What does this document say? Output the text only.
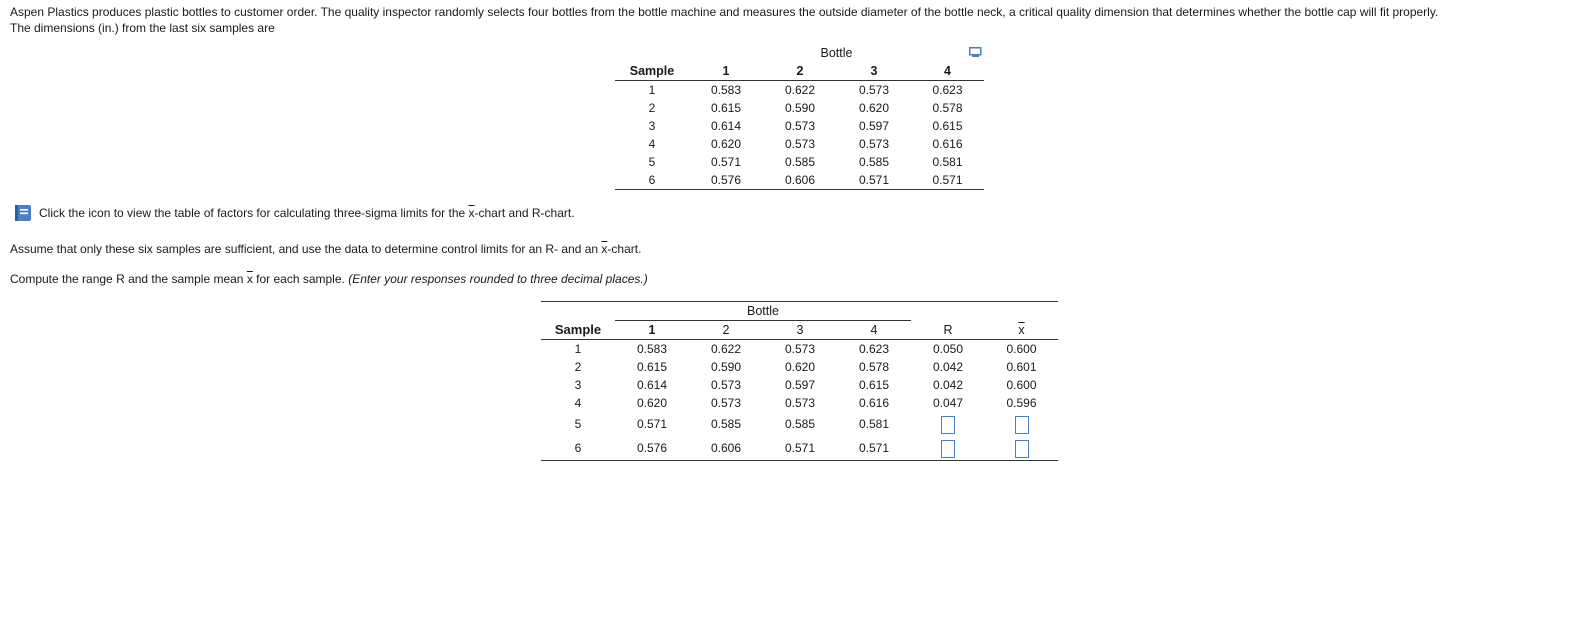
Aspen Plastics produces plastic bottles to customer order. The quality inspector randomly selects four bottles from the bottle machine and measures the outside diameter of the bottle neck, a critical quality dimension that determines whether the bottle cap will fit properly.
The dimensions (in.) from the last six samples are
	Bottle			
Sample	1	2	3	4
1	0.583	0.622	0.573	0.623
2	0.615	0.590	0.620	0.578
3	0.614	0.573	0.597	0.615
4	0.620	0.573	0.573	0.616
5	0.571	0.585	0.585	0.581
6	0.576	0.606	0.571	0.571
Click the icon to view the table of factors for calculating three-sigma limits for the $\overline{x}$-chart and R-chart.
Assume that only these six samples are sufficient, and use the data to determine control limits for an R- and an $\overline{x}$-chart.
Compute the range R and the sample mean $\overline{x}$ for each sample. (Enter your responses rounded to three decimal places.)
	Bottle					
Sample	1	2	3	4	R	$\overline{x}$
1	0.583	0.622	0.573	0.623	0.050	0.600
2	0.615	0.590	0.620	0.578	0.042	0.601
3	0.614	0.573	0.597	0.615	0.042	0.600
4	0.620	0.573	0.573	0.616	0.047	0.596
5	0.571	0.585	0.585	0.581		
6	0.576	0.606	0.571	0.571		
